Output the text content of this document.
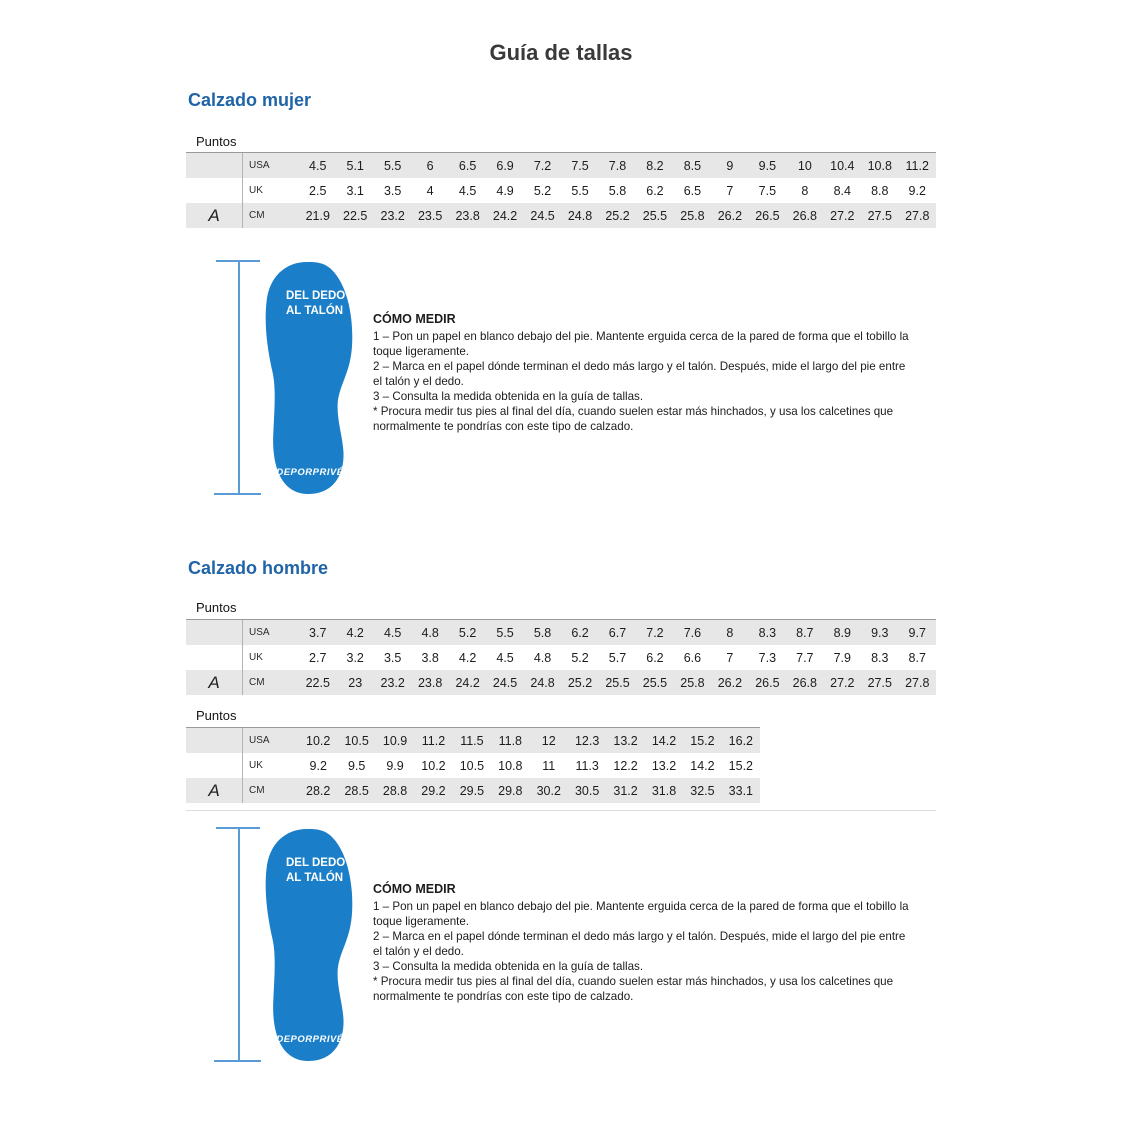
Guía de tallas
Calzado mujer
Puntos
USA	4.5	5.1	5.5	6	6.5	6.9	7.2	7.5	7.8	8.2	8.5	9	9.5	10	10.4	10.8	11.2
UK	2.5	3.1	3.5	4	4.5	4.9	5.2	5.5	5.8	6.2	6.5	7	7.5	8	8.4	8.8	9.2
A	CM	21.9	22.5	23.2	23.5	23.8	24.2	24.5	24.8	25.2	25.5	25.8	26.2	26.5	26.8	27.2	27.5	27.8
DEL DEDO
AL TALÓN
DEPORPRIVÉ
CÓMO MEDIR

1 – Pon un papel en blanco debajo del pie. Mantente erguida cerca de la pared de forma que el tobillo la toque ligeramente.

2 – Marca en el papel dónde terminan el dedo más largo y el talón. Después, mide el largo del pie entre el talón y el dedo.

3 – Consulta la medida obtenida en la guía de tallas.

* Procura medir tus pies al final del día, cuando suelen estar más hinchados, y usa los calcetines que normalmente te pondrías con este tipo de calzado.

Calzado hombre
Puntos
USA	3.7	4.2	4.5	4.8	5.2	5.5	5.8	6.2	6.7	7.2	7.6	8	8.3	8.7	8.9	9.3	9.7
UK	2.7	3.2	3.5	3.8	4.2	4.5	4.8	5.2	5.7	6.2	6.6	7	7.3	7.7	7.9	8.3	8.7
A	CM	22.5	23	23.2	23.8	24.2	24.5	24.8	25.2	25.5	25.5	25.8	26.2	26.5	26.8	27.2	27.5	27.8
Puntos
USA	10.2	10.5	10.9	11.2	11.5	11.8	12	12.3	13.2	14.2	15.2	16.2
UK	9.2	9.5	9.9	10.2	10.5	10.8	11	11.3	12.2	13.2	14.2	15.2
A	CM	28.2	28.5	28.8	29.2	29.5	29.8	30.2	30.5	31.2	31.8	32.5	33.1
DEL DEDO
AL TALÓN
DEPORPRIVÉ
CÓMO MEDIR

1 – Pon un papel en blanco debajo del pie. Mantente erguida cerca de la pared de forma que el tobillo la toque ligeramente.

2 – Marca en el papel dónde terminan el dedo más largo y el talón. Después, mide el largo del pie entre el talón y el dedo.

3 – Consulta la medida obtenida en la guía de tallas.

* Procura medir tus pies al final del día, cuando suelen estar más hinchados, y usa los calcetines que normalmente te pondrías con este tipo de calzado.
